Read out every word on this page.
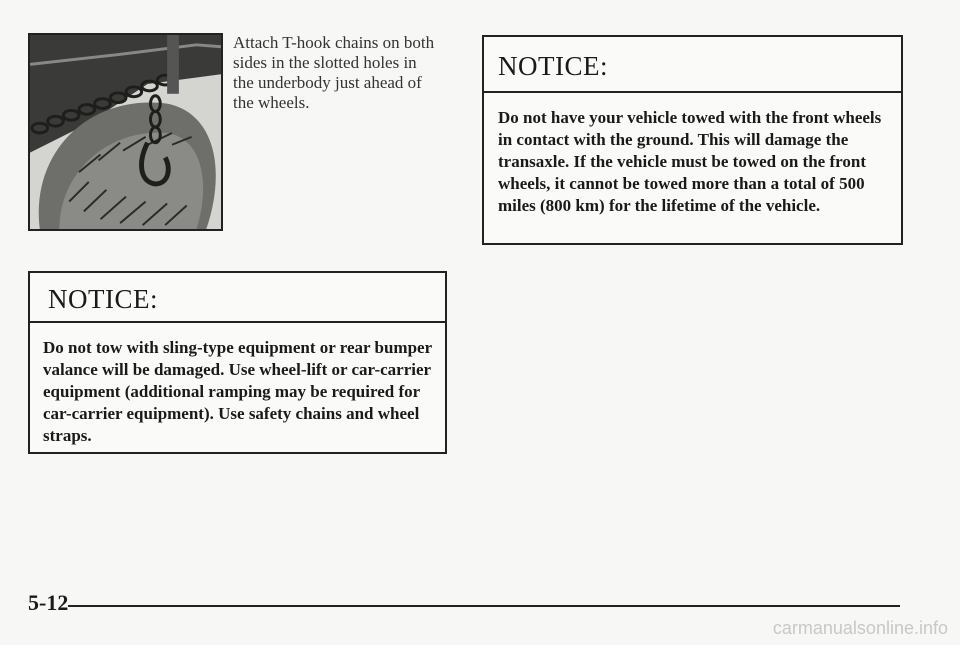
Attach T-hook chains on both sides in the slotted holes in the underbody just ahead of the wheels.
NOTICE:
Do not have your vehicle towed with the front wheels in contact with the ground. This will damage the transaxle. If the vehicle must be towed on the front wheels, it cannot be towed more than a total of 500 miles (800 km) for the lifetime of the vehicle.
NOTICE:
Do not tow with sling-type equipment or rear bumper valance will be damaged. Use wheel-lift or car-carrier equipment (additional ramping may be required for car-carrier equipment). Use safety chains and wheel straps.
5-12
carmanualsonline.info
